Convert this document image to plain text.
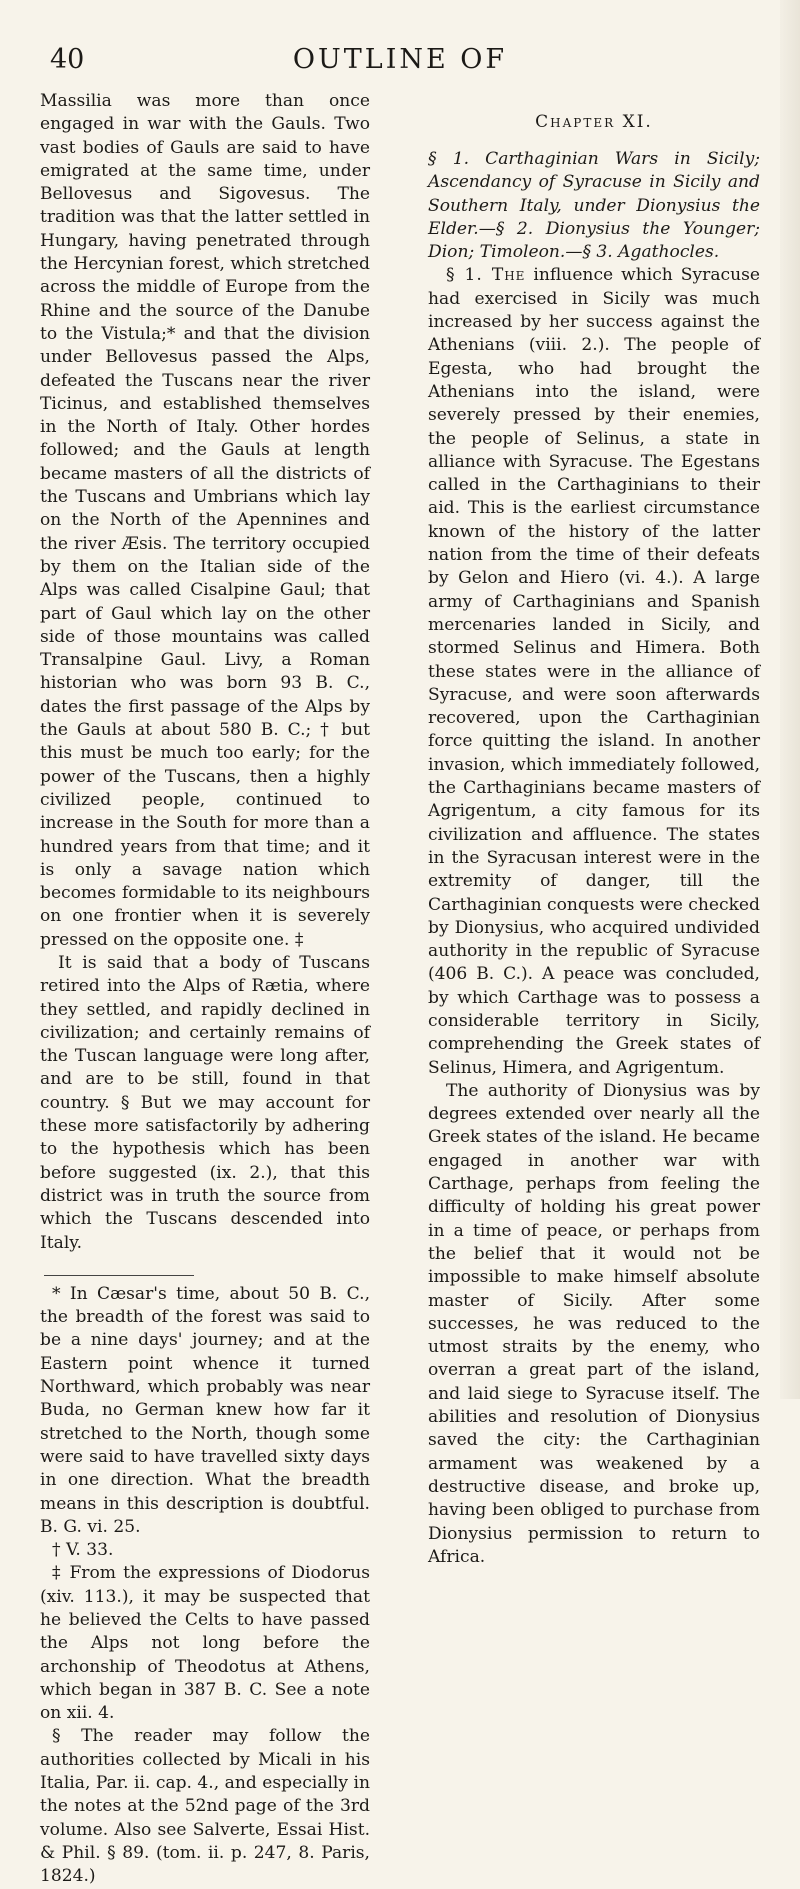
40	OUTLINE OF

Massilia was more than once engaged in war with the Gauls. Two vast bodies of Gauls are said to have emigrated at the same time, under Bellovesus and Sigovesus. The tradition was that the latter settled in Hungary, having penetrated through the Hercynian forest, which stretched across the middle of Europe from the Rhine and the source of the Danube to the Vistula;* and that the division under Bellovesus passed the Alps, defeated the Tuscans near the river Ticinus, and established themselves in the North of Italy. Other hordes followed; and the Gauls at length became masters of all the districts of the Tuscans and Umbrians which lay on the North of the Apennines and the river Æsis. The territory occupied by them on the Italian side of the Alps was called Cisalpine Gaul; that part of Gaul which lay on the other side of those mountains was called Transalpine Gaul. Livy, a Roman historian who was born 93 B. C., dates the first passage of the Alps by the Gauls at about 580 B. C.; † but this must be much too early; for the power of the Tuscans, then a highly civilized people, continued to increase in the South for more than a hundred years from that time; and it is only a savage nation which becomes formidable to its neighbours on one frontier when it is severely pressed on the opposite one. ‡

It is said that a body of Tuscans retired into the Alps of Rætia, where they settled, and rapidly declined in civilization; and certainly remains of the Tuscan language were long after, and are to be still, found in that country. § But we may account for these more satisfactorily by adhering to the hypothesis which has been before suggested (ix. 2.), that this district was in truth the source from which the Tuscans descended into Italy.

* In Cæsar's time, about 50 B. C., the breadth of the forest was said to be a nine days' journey; and at the Eastern point whence it turned Northward, which probably was near Buda, no German knew how far it stretched to the North, though some were said to have travelled sixty days in one direction. What the breadth means in this description is doubtful. B. G. vi. 25.

† V. 33.

‡ From the expressions of Diodorus (xiv. 113.), it may be suspected that he believed the Celts to have passed the Alps not long before the archonship of Theodotus at Athens, which began in 387 B. C. See a note on xii. 4.

§ The reader may follow the authorities collected by Micali in his Italia, Par. ii. cap. 4., and especially in the notes at the 52nd page of the 3rd volume. Also see Salverte, Essai Hist. & Phil. § 89. (tom. ii. p. 247, 8. Paris, 1824.)

Chapter XI.

§ 1. Carthaginian Wars in Sicily; Ascendancy of Syracuse in Sicily and Southern Italy, under Dionysius the Elder.—§ 2. Dionysius the Younger; Dion; Timoleon.—§ 3. Agathocles.

§ 1. The influence which Syracuse had exercised in Sicily was much increased by her success against the Athenians (viii. 2.). The people of Egesta, who had brought the Athenians into the island, were severely pressed by their enemies, the people of Selinus, a state in alliance with Syracuse. The Egestans called in the Carthaginians to their aid. This is the earliest circumstance known of the history of the latter nation from the time of their defeats by Gelon and Hiero (vi. 4.). A large army of Carthaginians and Spanish mercenaries landed in Sicily, and stormed Selinus and Himera. Both these states were in the alliance of Syracuse, and were soon afterwards recovered, upon the Carthaginian force quitting the island. In another invasion, which immediately followed, the Carthaginians became masters of Agrigentum, a city famous for its civilization and affluence. The states in the Syracusan interest were in the extremity of danger, till the Carthaginian conquests were checked by Dionysius, who acquired undivided authority in the republic of Syracuse (406 B. C.). A peace was concluded, by which Carthage was to possess a considerable territory in Sicily, comprehending the Greek states of Selinus, Himera, and Agrigentum.

The authority of Dionysius was by degrees extended over nearly all the Greek states of the island. He became engaged in another war with Carthage, perhaps from feeling the difficulty of holding his great power in a time of peace, or perhaps from the belief that it would not be impossible to make himself absolute master of Sicily. After some successes, he was reduced to the utmost straits by the enemy, who overran a great part of the island, and laid siege to Syracuse itself. The abilities and resolution of Dionysius saved the city: the Carthaginian armament was weakened by a destructive disease, and broke up, having been obliged to purchase from Dionysius permission to return to Africa.
